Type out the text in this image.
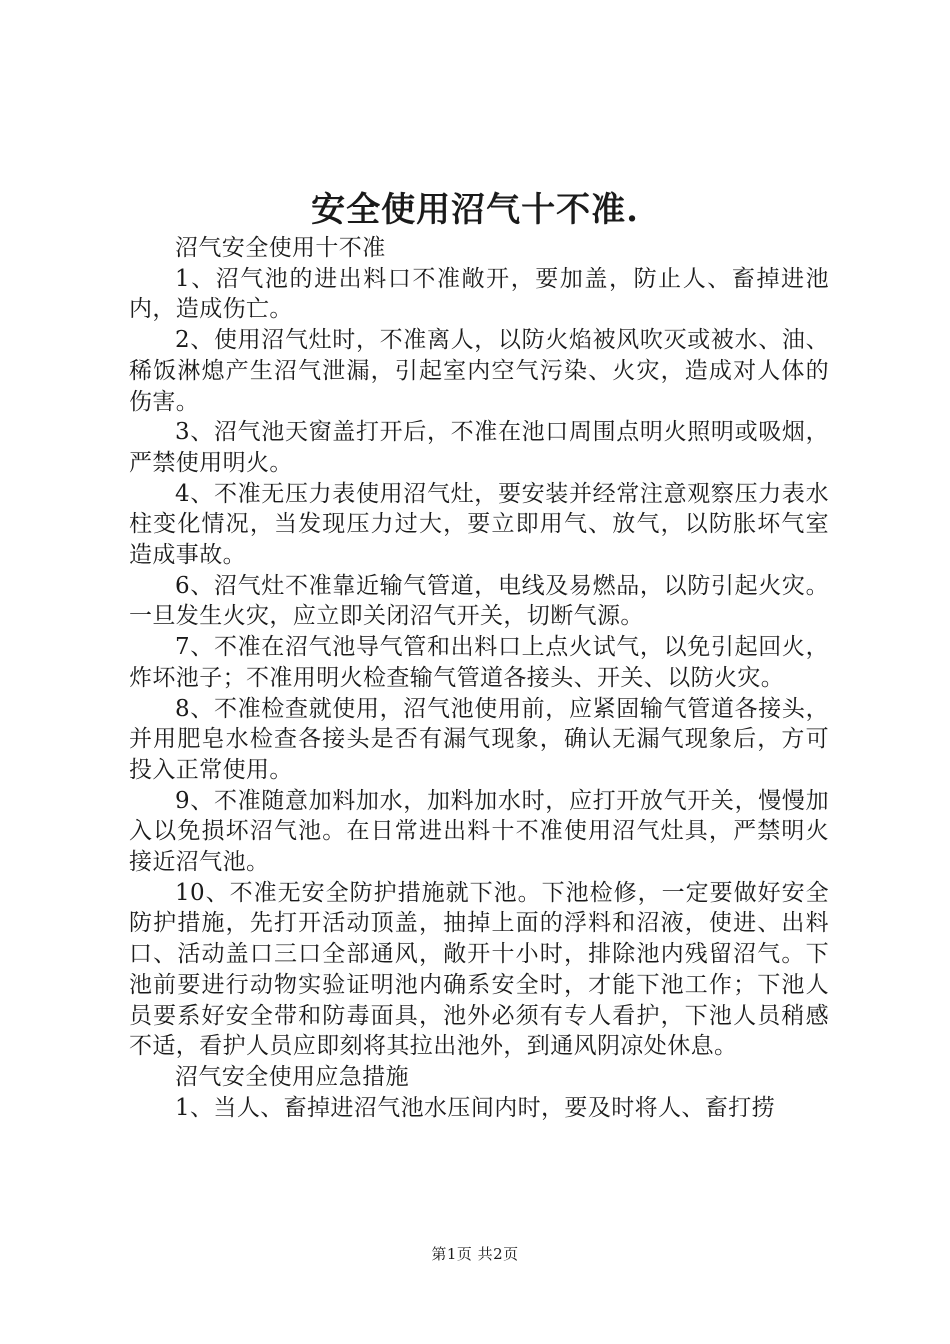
安全使用沼气十不准.

沼气安全使用十不准

1、沼气池的进出料口不准敞开，要加盖，防止人、畜掉进池内，造成伤亡。

2、使用沼气灶时，不准离人，以防火焰被风吹灭或被水、油、稀饭淋熄产生沼气泄漏，引起室内空气污染、火灾，造成对人体的伤害。

3、沼气池天窗盖打开后，不准在池口周围点明火照明或吸烟，严禁使用明火。

4、不准无压力表使用沼气灶，要安装并经常注意观察压力表水柱变化情况，当发现压力过大，要立即用气、放气，以防胀坏气室造成事故。

6、沼气灶不准靠近输气管道，电线及易燃品，以防引起火灾。一旦发生火灾，应立即关闭沼气开关，切断气源。

7、不准在沼气池导气管和出料口上点火试气，以免引起回火，炸坏池子；不准用明火检查输气管道各接头、开关、以防火灾。

8、不准检查就使用，沼气池使用前，应紧固输气管道各接头，并用肥皂水检查各接头是否有漏气现象，确认无漏气现象后，方可投入正常使用。

9、不准随意加料加水，加料加水时，应打开放气开关，慢慢加入以免损坏沼气池。在日常进出料十不准使用沼气灶具，严禁明火接近沼气池。

10、不准无安全防护措施就下池。下池检修，一定要做好安全防护措施，先打开活动顶盖，抽掉上面的浮料和沼液，使进、出料口、活动盖口三口全部通风，敞开十小时，排除池内残留沼气。下池前要进行动物实验证明池内确系安全时，才能下池工作；下池人员要系好安全带和防毒面具，池外必须有专人看护，下池人员稍感不适，看护人员应即刻将其拉出池外，到通风阴凉处休息。

沼气安全使用应急措施

1、当人、畜掉进沼气池水压间内时，要及时将人、畜打捞

第1页 共2页
